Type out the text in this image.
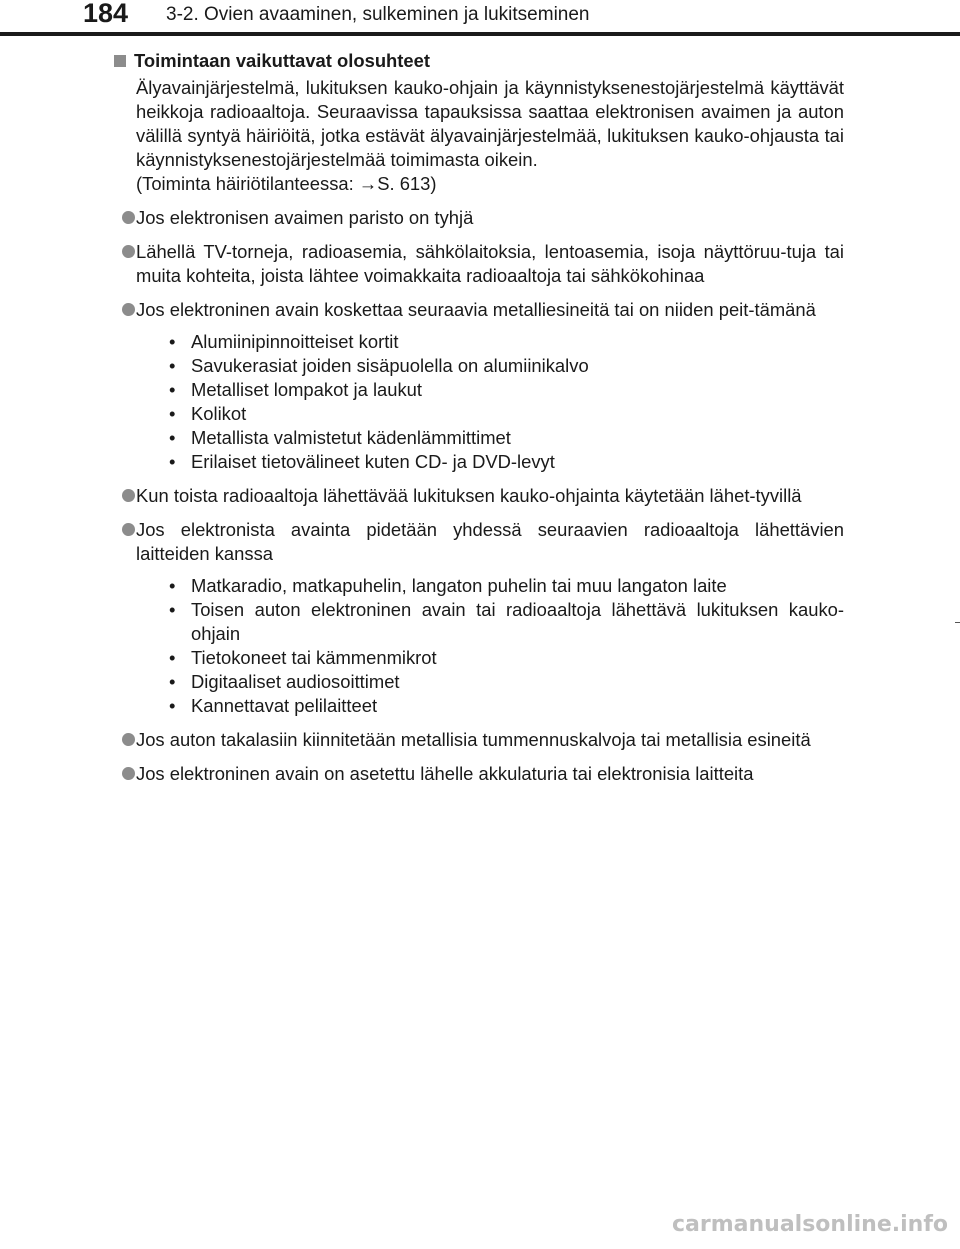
184 3-2. Ovien avaaminen, sulkeminen ja lukitseminen
Toimintaan vaikuttavat olosuhteet
Älyavainjärjestelmä, lukituksen kauko-ohjain ja käynnistyksenestojärjestelmä käyttävät heikkoja radioaaltoja. Seuraavissa tapauksissa saattaa elektronisen avaimen ja auton välillä syntyä häiriöitä, jotka estävät älyavainjärjestelmää, lukituksen kauko-ohjausta tai käynnistyksenestojärjestelmää toimimasta oikein.
(Toiminta häiriötilanteessa: →S. 613)
Jos elektronisen avaimen paristo on tyhjä
Lähellä TV-torneja, radioasemia, sähkölaitoksia, lentoasemia, isoja näyttöruu-tuja tai muita kohteita, joista lähtee voimakkaita radioaaltoja tai sähkökohinaa
Jos elektroninen avain koskettaa seuraavia metalliesineitä tai on niiden peit-tämänä
• Alumiinipinnoitteiset kortit
• Savukerasiat joiden sisäpuolella on alumiinikalvo
• Metalliset lompakot ja laukut
• Kolikot
• Metallista valmistetut kädenlämmittimet
• Erilaiset tietovälineet kuten CD- ja DVD-levyt
Kun toista radioaaltoja lähettävää lukituksen kauko-ohjainta käytetään lähet-tyvillä
Jos elektronista avainta pidetään yhdessä seuraavien radioaaltoja lähettävien laitteiden kanssa
• Matkaradio, matkapuhelin, langaton puhelin tai muu langaton laite
• Toisen auton elektroninen avain tai radioaaltoja lähettävä lukituksen kauko-ohjain
• Tietokoneet tai kämmenmikrot
• Digitaaliset audiosoittimet
• Kannettavat pelilaitteet
Jos auton takalasiin kiinnitetään metallisia tummennuskalvoja tai metallisia esineitä
Jos elektroninen avain on asetettu lähelle akkulaturia tai elektronisia laitteita
carmanualsonline.info
